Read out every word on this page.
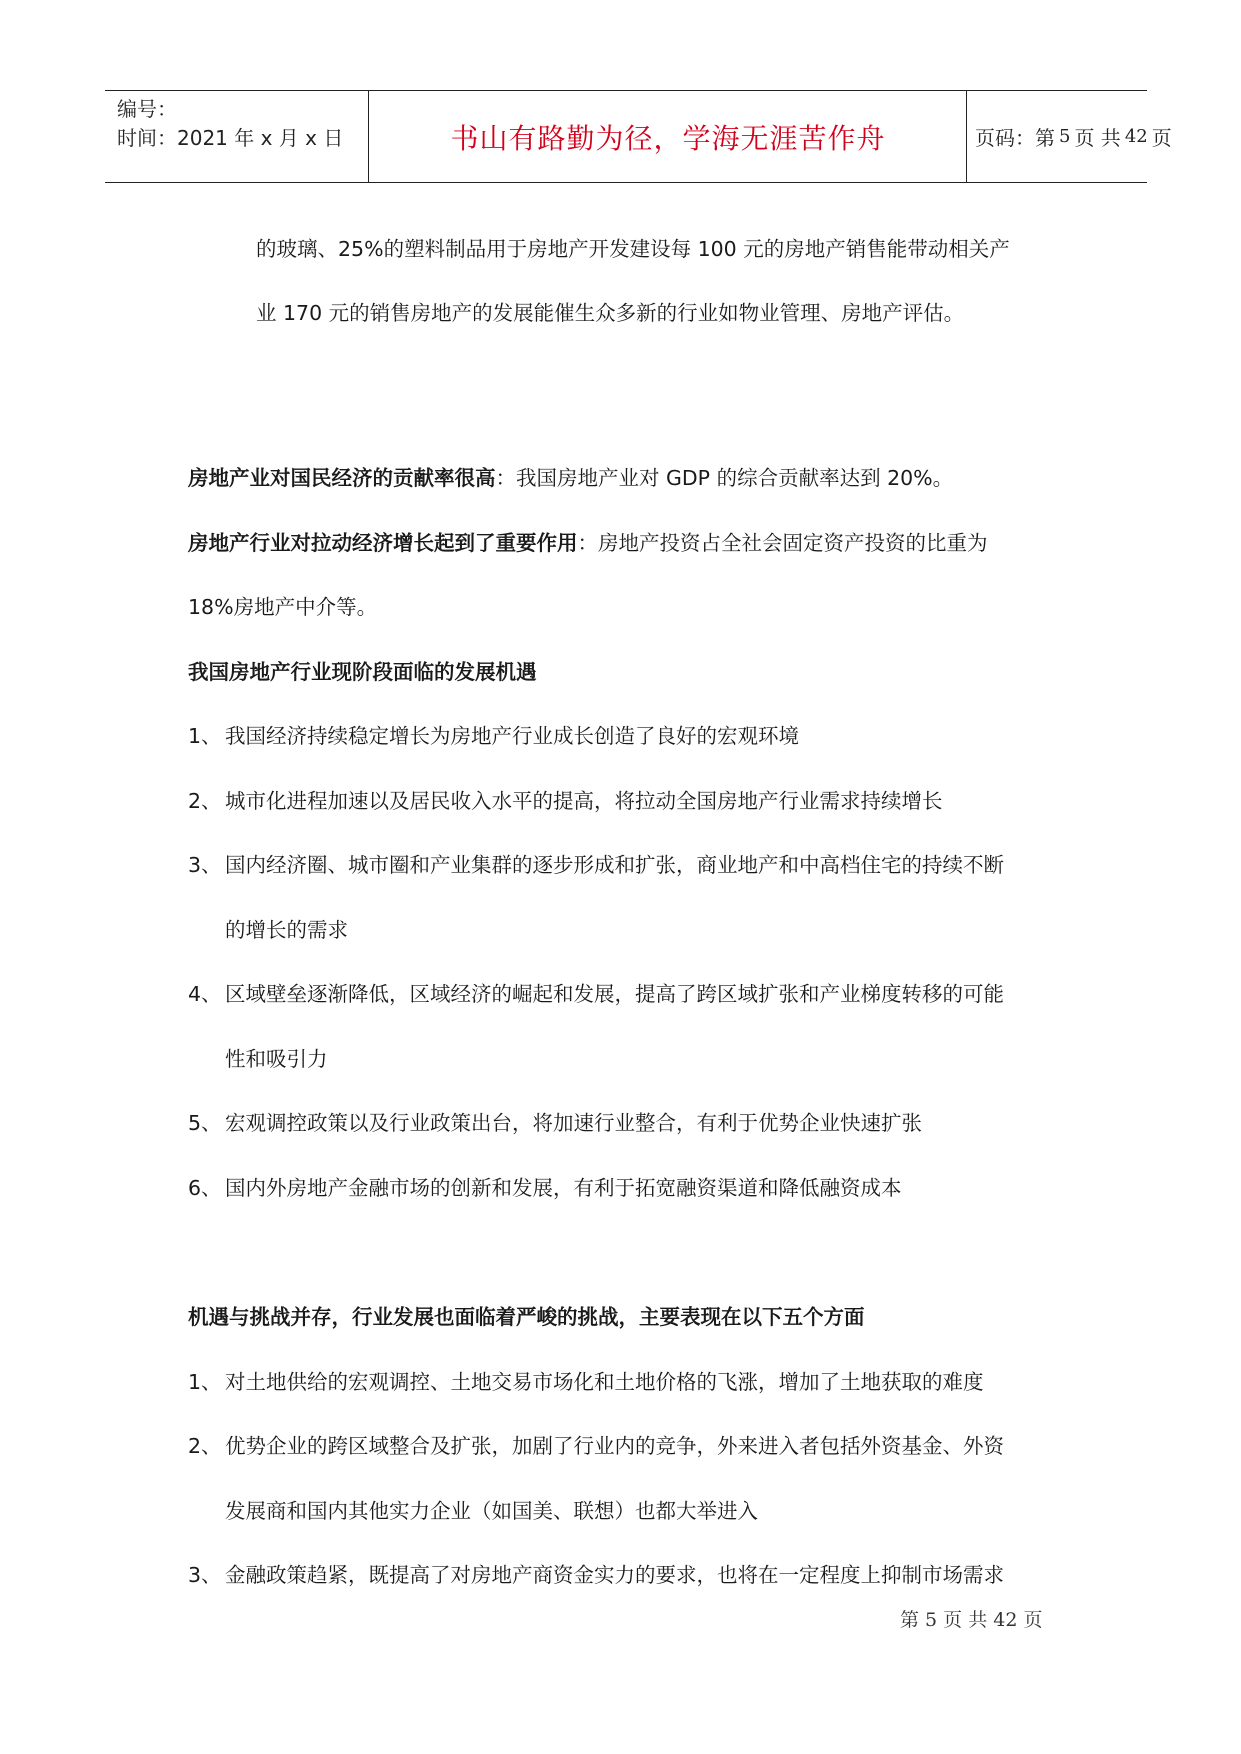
编号：
时间：2021 年 x 月 x 日	书山有路勤为径，学海无涯苦作舟	页码：第 5 页 共 42 页
的玻璃、25%的塑料制品用于房地产开发建设每 100 元的房地产销售能带动相关产
业 170 元的销售房地产的发展能催生众多新的行业如物业管理、房地产评估。
房地产业对国民经济的贡献率很高：我国房地产业对 GDP 的综合贡献率达到 20%。
房地产行业对拉动经济增长起到了重要作用：房地产投资占全社会固定资产投资的比重为
18%房地产中介等。
我国房地产行业现阶段面临的发展机遇
1、 我国经济持续稳定增长为房地产行业成长创造了良好的宏观环境
2、 城市化进程加速以及居民收入水平的提高，将拉动全国房地产行业需求持续增长
3、 国内经济圈、城市圈和产业集群的逐步形成和扩张，商业地产和中高档住宅的持续不断
的增长的需求
4、 区域壁垒逐渐降低，区域经济的崛起和发展，提高了跨区域扩张和产业梯度转移的可能
性和吸引力
5、 宏观调控政策以及行业政策出台，将加速行业整合，有利于优势企业快速扩张
6、 国内外房地产金融市场的创新和发展，有利于拓宽融资渠道和降低融资成本
机遇与挑战并存，行业发展也面临着严峻的挑战，主要表现在以下五个方面
1、 对土地供给的宏观调控、土地交易市场化和土地价格的飞涨，增加了土地获取的难度
2、 优势企业的跨区域整合及扩张，加剧了行业内的竞争，外来进入者包括外资基金、外资
发展商和国内其他实力企业（如国美、联想）也都大举进入
3、 金融政策趋紧，既提高了对房地产商资金实力的要求，也将在一定程度上抑制市场需求
第 5 页 共 42 页
